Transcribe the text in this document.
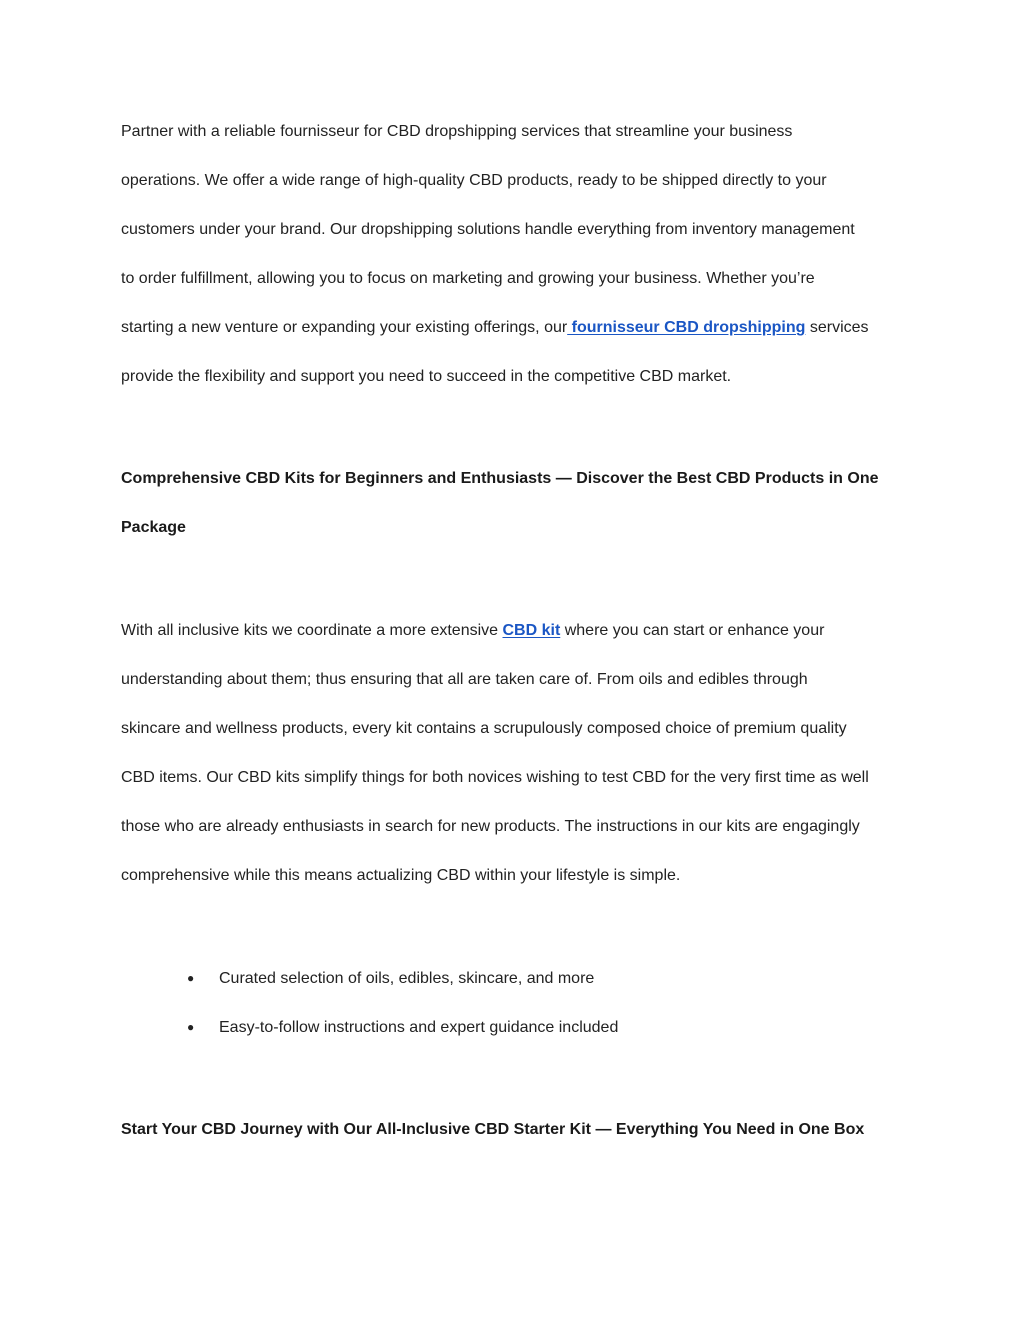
Partner with a reliable fournisseur for CBD dropshipping services that streamline your business
operations. We offer a wide range of high-quality CBD products, ready to be shipped directly to your
customers under your brand. Our dropshipping solutions handle everything from inventory management
to order fulfillment, allowing you to focus on marketing and growing your business. Whether you’re
starting a new venture or expanding your existing offerings, our fournisseur CBD dropshipping services
provide the flexibility and support you need to succeed in the competitive CBD market.
Comprehensive CBD Kits for Beginners and Enthusiasts — Discover the Best CBD Products in One
Package
With all inclusive kits we coordinate a more extensive CBD kit where you can start or enhance your
understanding about them; thus ensuring that all are taken care of. From oils and edibles through
skincare and wellness products, every kit contains a scrupulously composed choice of premium quality
CBD items. Our CBD kits simplify things for both novices wishing to test CBD for the very first time as well
those who are already enthusiasts in search for new products. The instructions in our kits are engagingly
comprehensive while this means actualizing CBD within your lifestyle is simple.
● Curated selection of oils, edibles, skincare, and more
● Easy-to-follow instructions and expert guidance included
Start Your CBD Journey with Our All-Inclusive CBD Starter Kit — Everything You Need in One Box
